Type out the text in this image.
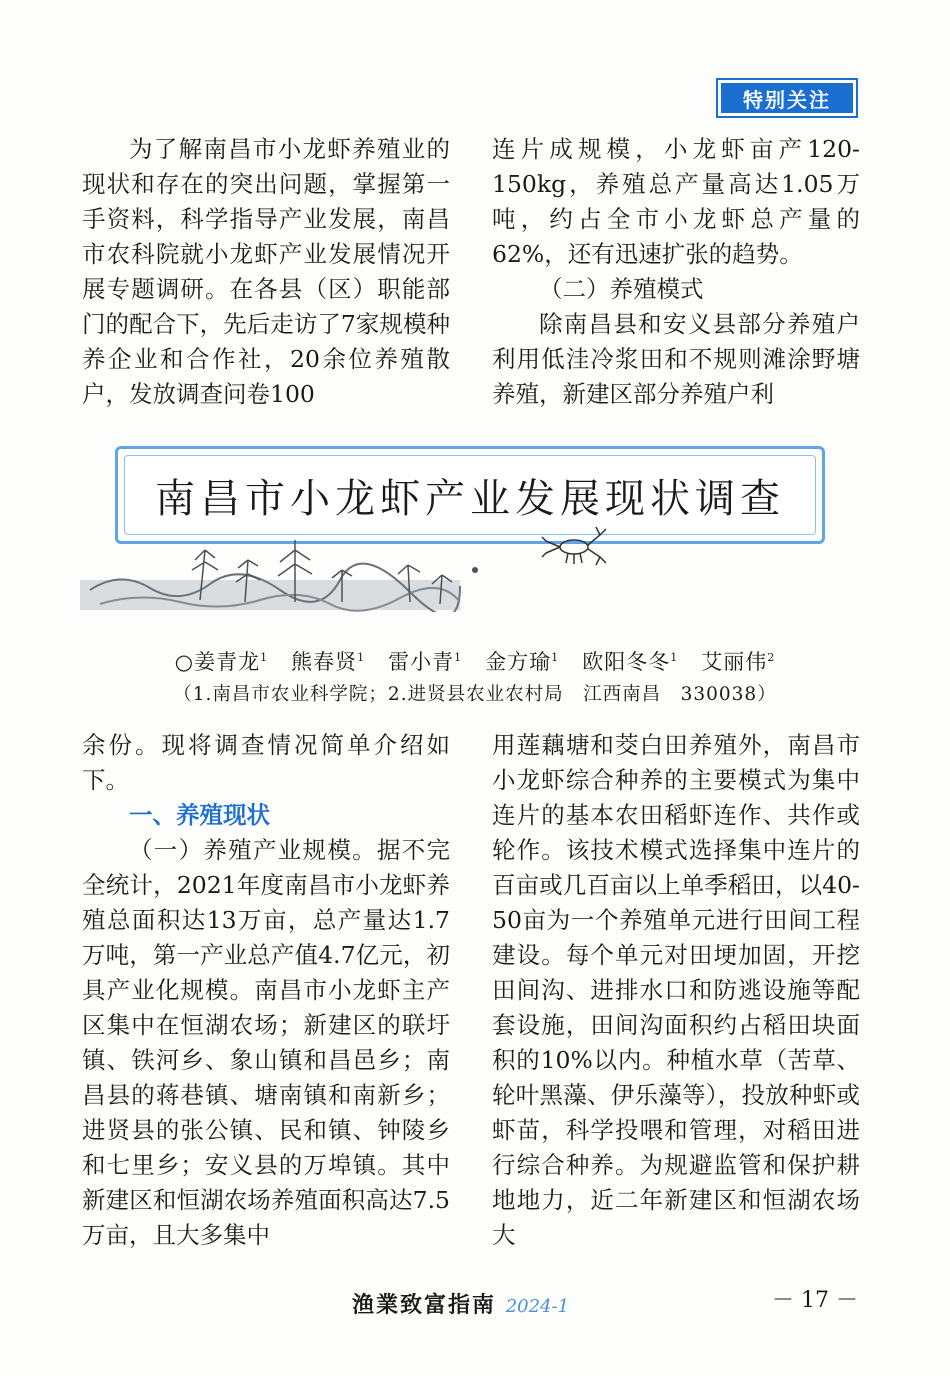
特别关注

为了解南昌市小龙虾养殖业的现状和存在的突出问题，掌握第一手资料，科学指导产业发展，南昌市农科院就小龙虾产业发展情况开展专题调研。在各县（区）职能部门的配合下，先后走访了7家规模种养企业和合作社，20余位养殖散户，发放调查问卷100

连片成规模，小龙虾亩产120-150kg，养殖总产量高达1.05万吨，约占全市小龙虾总产量的62%，还有迅速扩张的趋势。

（二）养殖模式

除南昌县和安义县部分养殖户利用低洼冷浆田和不规则滩涂野塘养殖，新建区部分养殖户利

南昌市小龙虾产业发展现状调查
○姜青龙$^1$ 熊春贤$^1$ 雷小青$^1$ 金方瑜$^1$ 欧阳冬冬$^1$ 艾丽伟$^2$
（1.南昌市农业科学院；2.进贤县农业农村局　江西南昌　330038）

余份。现将调查情况简单介绍如下。

一、养殖现状

（一）养殖产业规模。据不完全统计，2021年度南昌市小龙虾养殖总面积达13万亩，总产量达1.7万吨，第一产业总产值4.7亿元，初具产业化规模。南昌市小龙虾主产区集中在恒湖农场；新建区的联圩镇、铁河乡、象山镇和昌邑乡；南昌县的蒋巷镇、塘南镇和南新乡；进贤县的张公镇、民和镇、钟陵乡和七里乡；安义县的万埠镇。其中新建区和恒湖农场养殖面积高达7.5万亩，且大多集中

用莲藕塘和茭白田养殖外，南昌市小龙虾综合种养的主要模式为集中连片的基本农田稻虾连作、共作或轮作。该技术模式选择集中连片的百亩或几百亩以上单季稻田，以40-50亩为一个养殖单元进行田间工程建设。每个单元对田埂加固，开挖田间沟、进排水口和防逃设施等配套设施，田间沟面积约占稻田块面积的10%以内。种植水草（苦草、轮叶黑藻、伊乐藻等），投放种虾或虾苗，科学投喂和管理，对稻田进行综合种养。为规避监管和保护耕地地力，近二年新建区和恒湖农场大

渔業致富指南 2024-1	－ 17 －
